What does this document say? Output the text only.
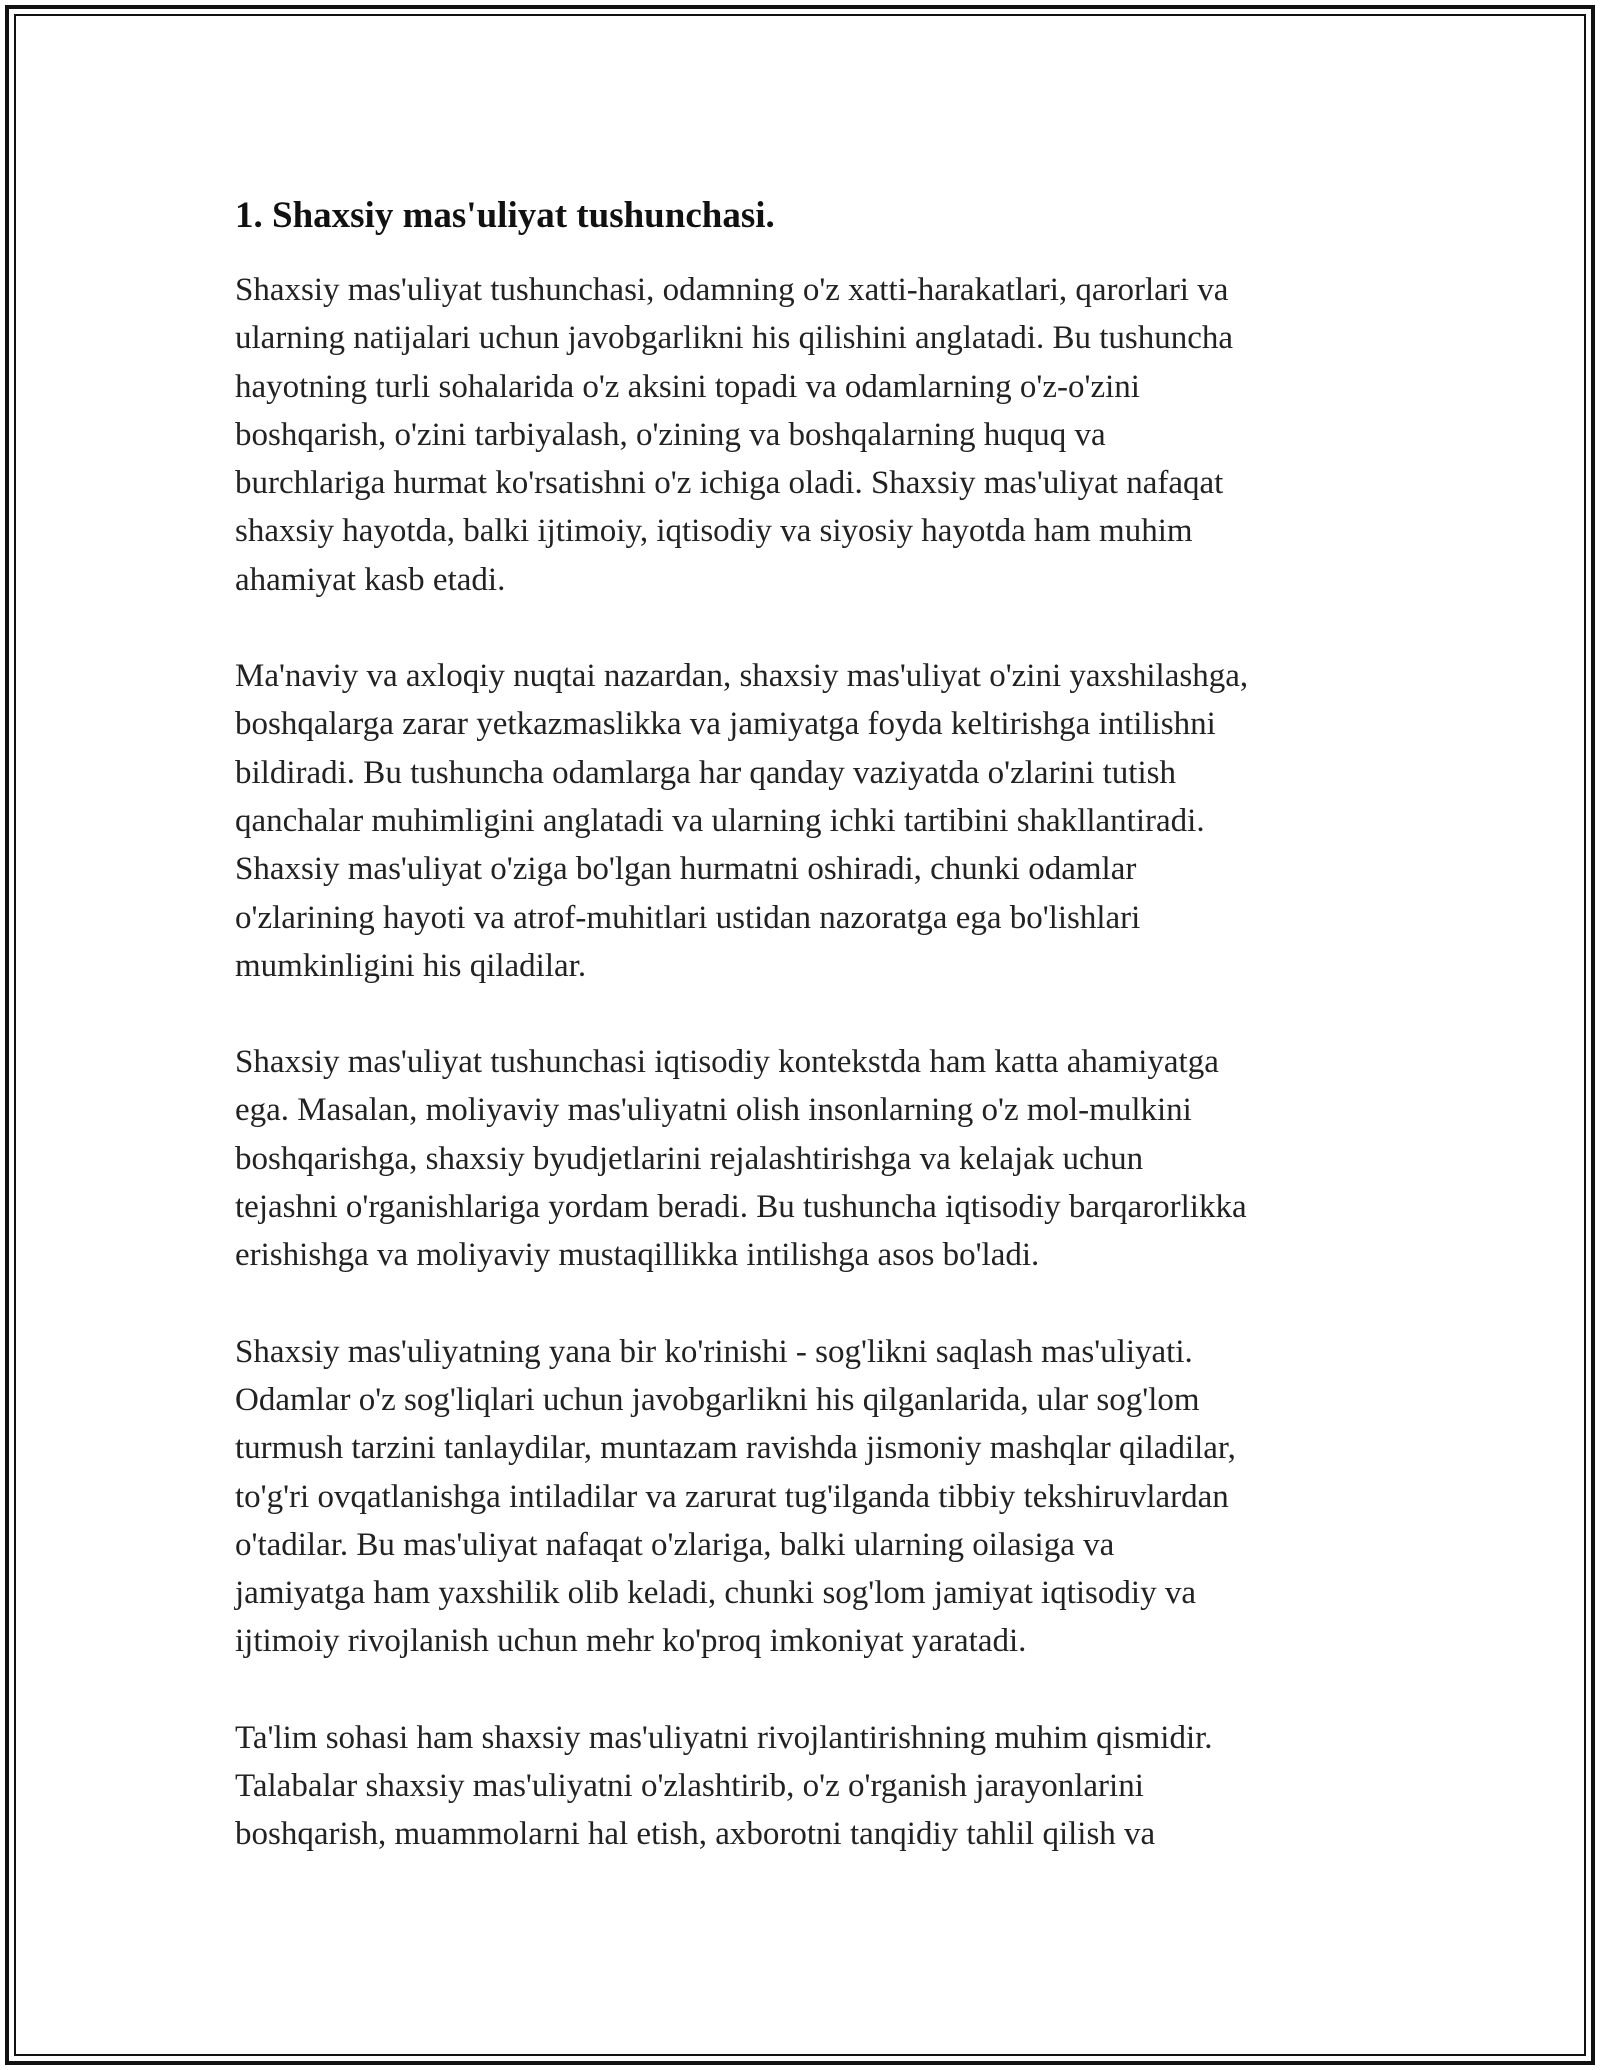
1. Shaxsiy mas'uliyat tushunchasi.

Shaxsiy mas'uliyat tushunchasi, odamning o'z xatti-harakatlari, qarorlari va
ularning natijalari uchun javobgarlikni his qilishini anglatadi. Bu tushuncha
hayotning turli sohalarida o'z aksini topadi va odamlarning o'z-o'zini
boshqarish, o'zini tarbiyalash, o'zining va boshqalarning huquq va
burchlariga hurmat ko'rsatishni o'z ichiga oladi. Shaxsiy mas'uliyat nafaqat
shaxsiy hayotda, balki ijtimoiy, iqtisodiy va siyosiy hayotda ham muhim
ahamiyat kasb etadi.

Ma'naviy va axloqiy nuqtai nazardan, shaxsiy mas'uliyat o'zini yaxshilashga,
boshqalarga zarar yetkazmaslikka va jamiyatga foyda keltirishga intilishni
bildiradi. Bu tushuncha odamlarga har qanday vaziyatda o'zlarini tutish
qanchalar muhimligini anglatadi va ularning ichki tartibini shakllantiradi.
Shaxsiy mas'uliyat o'ziga bo'lgan hurmatni oshiradi, chunki odamlar
o'zlarining hayoti va atrof-muhitlari ustidan nazoratga ega bo'lishlari
mumkinligini his qiladilar.

Shaxsiy mas'uliyat tushunchasi iqtisodiy kontekstda ham katta ahamiyatga
ega. Masalan, moliyaviy mas'uliyatni olish insonlarning o'z mol-mulkini
boshqarishga, shaxsiy byudjetlarini rejalashtirishga va kelajak uchun
tejashni o'rganishlariga yordam beradi. Bu tushuncha iqtisodiy barqarorlikka
erishishga va moliyaviy mustaqillikka intilishga asos bo'ladi.

Shaxsiy mas'uliyatning yana bir ko'rinishi - sog'likni saqlash mas'uliyati.
Odamlar o'z sog'liqlari uchun javobgarlikni his qilganlarida, ular sog'lom
turmush tarzini tanlaydilar, muntazam ravishda jismoniy mashqlar qiladilar,
to'g'ri ovqatlanishga intiladilar va zarurat tug'ilganda tibbiy tekshiruvlardan
o'tadilar. Bu mas'uliyat nafaqat o'zlariga, balki ularning oilasiga va
jamiyatga ham yaxshilik olib keladi, chunki sog'lom jamiyat iqtisodiy va
ijtimoiy rivojlanish uchun mehr ko'proq imkoniyat yaratadi.

Ta'lim sohasi ham shaxsiy mas'uliyatni rivojlantirishning muhim qismidir.
Talabalar shaxsiy mas'uliyatni o'zlashtirib, o'z o'rganish jarayonlarini
boshqarish, muammolarni hal etish, axborotni tanqidiy tahlil qilish va
